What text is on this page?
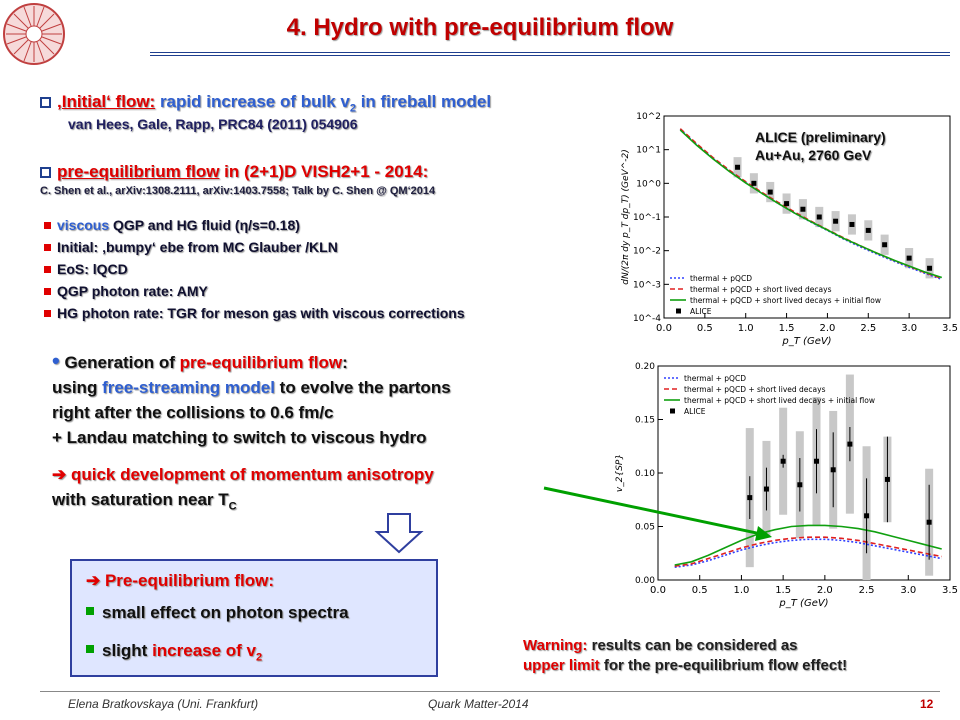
4. Hydro with pre-equilibrium flow
‚Initial‘ flow: rapid increase of bulk $v_2$ in fireball model
van Hees, Gale, Rapp, PRC84 (2011) 054906
pre-equilibrium flow in (2+1)D VISH2+1 - 2014:
C. Shen et al., arXiv:1308.2111, arXiv:1403.7558; Talk by C. Shen @ QM‘2014
viscous QGP and HG fluid (η/s=0.18)
Initial: ‚bumpy‘ ebe from MC Glauber /KLN
EoS: lQCD
QGP photon rate: AMY
HG photon rate: TGR for meson gas with viscous corrections
• Generation of pre-equilibrium flow:
using free-streaming model to evolve the partons
right after the collisions to 0.6 fm/c
+ Landau matching to switch to viscous hydro
➔ quick development of momentum anisotropy
with saturation near $T_C$
➔ Pre-equilibrium flow:
small effect on photon spectra
slight increase of $v_2$
Warning: results can be considered as
upper limit for the pre-equilibrium flow effect!
0.0 0.5 1.0 1.5 2.0 2.5 3.0 3.5
10^-4
10^-3
10^-2
10^-1
10^0
10^1
10^2
p_T (GeV)
dN/(2π dy p_T dp_T) (GeV^-2)	thermal + pQCD
thermal + pQCD + short lived decays
thermal + pQCD + short lived decays + initial flow
ALICE
0.0	0.5	1.0	1.5	2.0	2.5	3.0	3.5
0.00
0.05
0.10
0.15
0.20
p_T (GeV)
v_2{SP}
thermal + pQCD
thermal + pQCD + short lived decays
thermal + pQCD + short lived decays + initial flow
ALICE
ALICE (preliminary)
Au+Au, 2760 GeV
Elena Bratkovskaya (Uni. Frankfurt)	Quark Matter-2014	12
